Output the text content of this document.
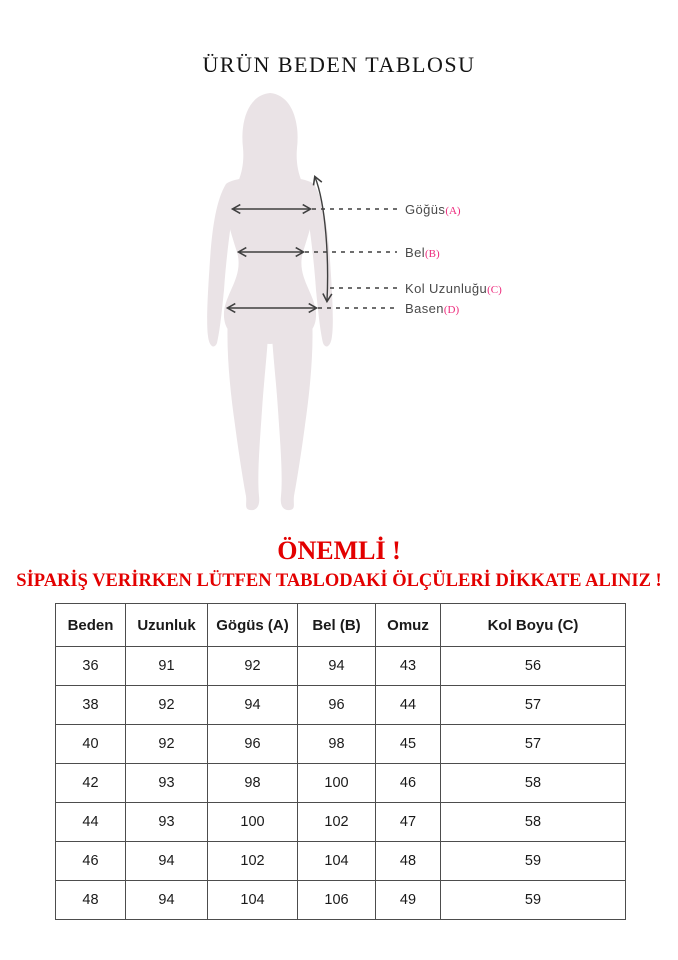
ÜRÜN BEDEN TABLOSU
Göğüs(A)
Bel(B)
Kol Uzunluğu(C)
Basen(D)
ÖNEMLİ !
SİPARİŞ VERİRKEN LÜTFEN TABLODAKİ ÖLÇÜLERİ DİKKATE ALINIZ !
Beden	Uzunluk	Gögüs (A)	Bel (B)	Omuz	Kol Boyu (C)
36	91	92	94	43	56
38	92	94	96	44	57
40	92	96	98	45	57
42	93	98	100	46	58
44	93	100	102	47	58
46	94	102	104	48	59
48	94	104	106	49	59
